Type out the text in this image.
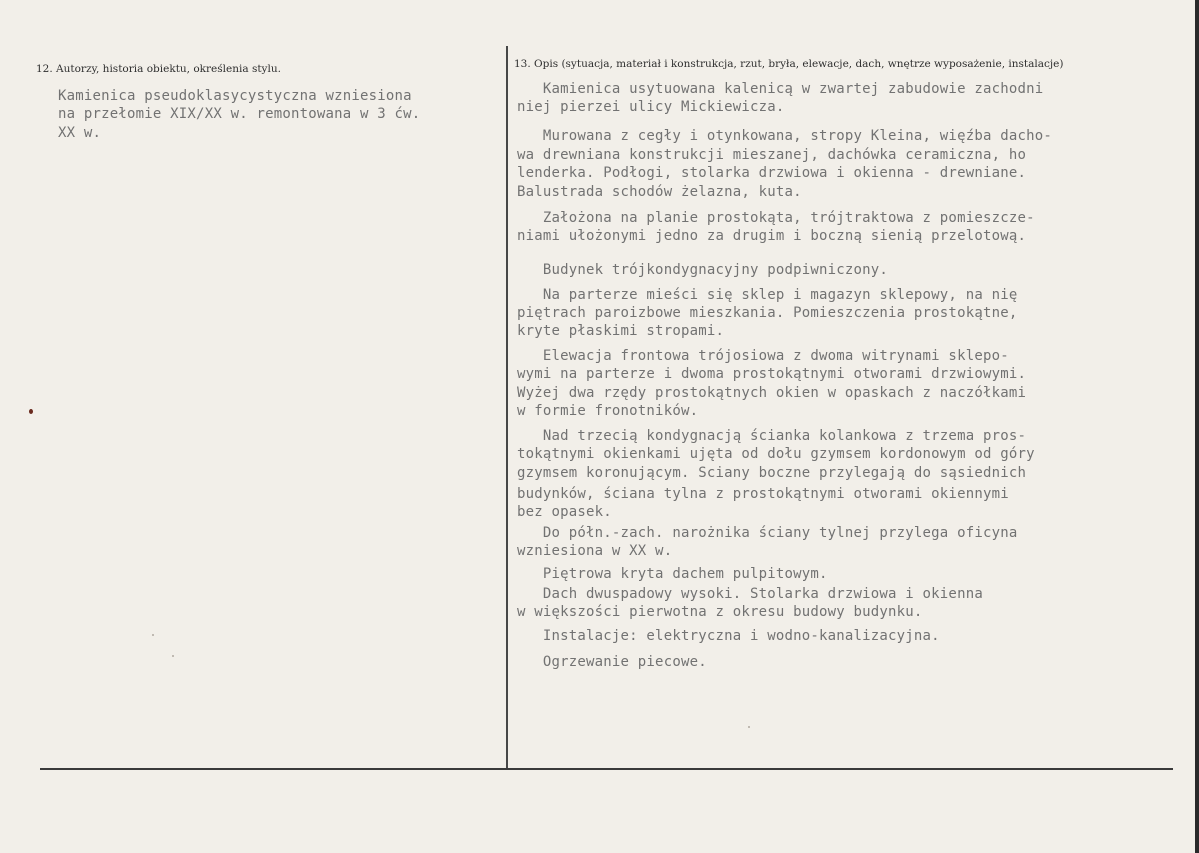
12. Autorzy, historia obiektu, określenia stylu.	13. Opis (sytuacja, materiał i konstrukcja, rzut, bryła, elewacje, dach, wnętrze wyposażenie, instalacje)
Kamienica pseudoklasycystyczna wzniesiona
na przełomie XIX/XX w. remontowana w 3 ćw.
XX w.
Kamienica usytuowana kalenicą w zwartej zabudowie zachodni
niej pierzei ulicy Mickiewicza.
Murowana z cegły i otynkowana, stropy Kleina, więźba dacho-
wa drewniana konstrukcji mieszanej, dachówka ceramiczna, ho
lenderka. Podłogi, stolarka drzwiowa i okienna - drewniane.
Balustrada schodów żelazna, kuta.
Założona na planie prostokąta, trójtraktowa z pomieszcze-
niami ułożonymi jedno za drugim i boczną sienią przelotową.
Budynek trójkondygnacyjny podpiwniczony.
Na parterze mieści się sklep i magazyn sklepowy, na nię
piętrach paroizbowe mieszkania. Pomieszczenia prostokątne,
kryte płaskimi stropami.
Elewacja frontowa trójosiowa z dwoma witrynami sklepo-
wymi na parterze i dwoma prostokątnymi otworami drzwiowymi.
Wyżej dwa rzędy prostokątnych okien w opaskach z naczółkami
w formie fronotników.
Nad trzecią kondygnacją ścianka kolankowa z trzema pros-
tokątnymi okienkami ujęta od dołu gzymsem kordonowym od góry
gzymsem koronującym. Sciany boczne przylegają do sąsiednich
budynków, ściana tylna z prostokątnymi otworami okiennymi
bez opasek.
Do półn.-zach. narożnika ściany tylnej przylega oficyna
wzniesiona w XX w.
Piętrowa kryta dachem pulpitowym.
Dach dwuspadowy wysoki. Stolarka drzwiowa i okienna
w większości pierwotna z okresu budowy budynku.
Instalacje: elektryczna i wodno-kanalizacyjna.
Ogrzewanie piecowe.
